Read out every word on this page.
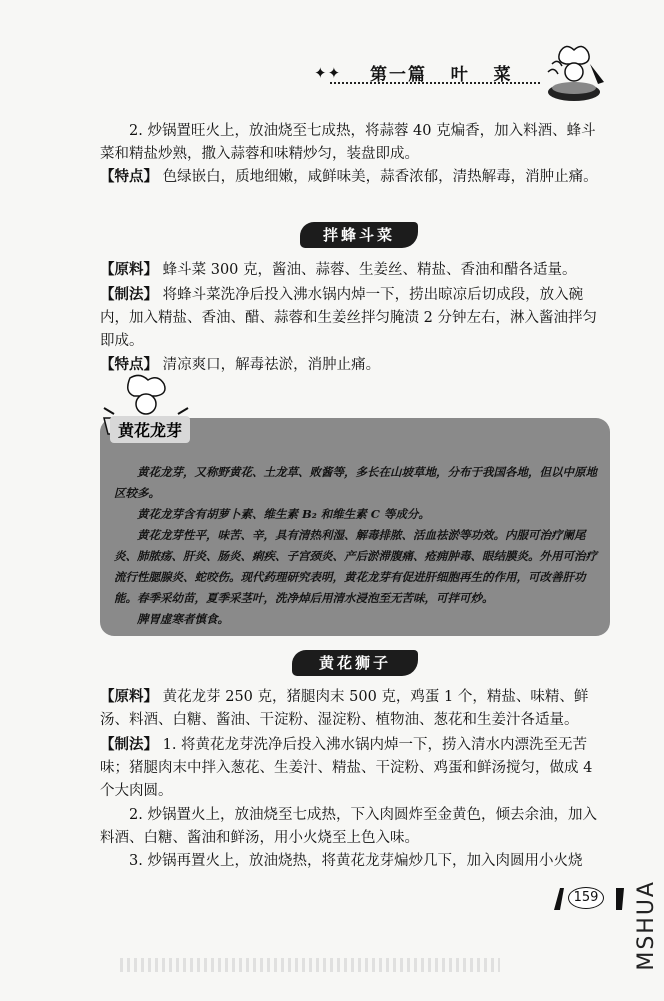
✦✦ 第一篇   叶   菜
2. 炒锅置旺火上，放油烧至七成热，将蒜蓉 40 克煸香，加入料酒、蜂斗菜和精盐炒熟，撒入蒜蓉和味精炒匀，装盘即成。
【特点】 色绿嵌白，质地细嫩，咸鲜味美，蒜香浓郁，清热解毒，消肿止痛。
拌蜂斗菜
【原料】 蜂斗菜 300 克，酱油、蒜蓉、生姜丝、精盐、香油和醋各适量。
【制法】 将蜂斗菜洗净后投入沸水锅内焯一下，捞出晾凉后切成段，放入碗内，加入精盐、香油、醋、蒜蓉和生姜丝拌匀腌渍 2 分钟左右，淋入酱油拌匀即成。
【特点】 清凉爽口，解毒祛淤，消肿止痛。
黄花龙芽
黄花龙芽，又称野黄花、土龙草、败酱等，多长在山坡草地，分布于我国各地，但以中原地区较多。
黄花龙芽含有胡萝卜素、维生素 B₂ 和维生素 C 等成分。
黄花龙芽性平，味苦、辛，具有清热利湿、解毒排脓、活血祛淤等功效。内服可治疗阑尾炎、肺脓疡、肝炎、肠炎、痢疾、子宫颈炎、产后淤滞腹痛、疮痈肿毒、眼结膜炎。外用可治疗流行性腮腺炎、蛇咬伤。现代药理研究表明，黄花龙芽有促进肝细胞再生的作用，可改善肝功能。 春季采幼苗，夏季采茎叶，洗净焯后用清水浸泡至无苦味，可拌可炒。
脾胃虚寒者慎食。
黄花狮子
【原料】 黄花龙芽 250 克，猪腿肉末 500 克，鸡蛋 1 个，精盐、味精、鲜汤、料酒、白糖、酱油、干淀粉、湿淀粉、植物油、葱花和生姜汁各适量。
【制法】 1. 将黄花龙芽洗净后投入沸水锅内焯一下，捞入清水内漂洗至无苦味；猪腿肉末中拌入葱花、生姜汁、精盐、干淀粉、鸡蛋和鲜汤搅匀，做成 4 个大肉圆。
2. 炒锅置火上，放油烧至七成热，下入肉圆炸至金黄色，倾去余油，加入料酒、白糖、酱油和鲜汤，用小火烧至上色入味。
3. 炒锅再置火上，放油烧热，将黄花龙芽煸炒几下，加入肉圆用小火烧
159 MSHUA
